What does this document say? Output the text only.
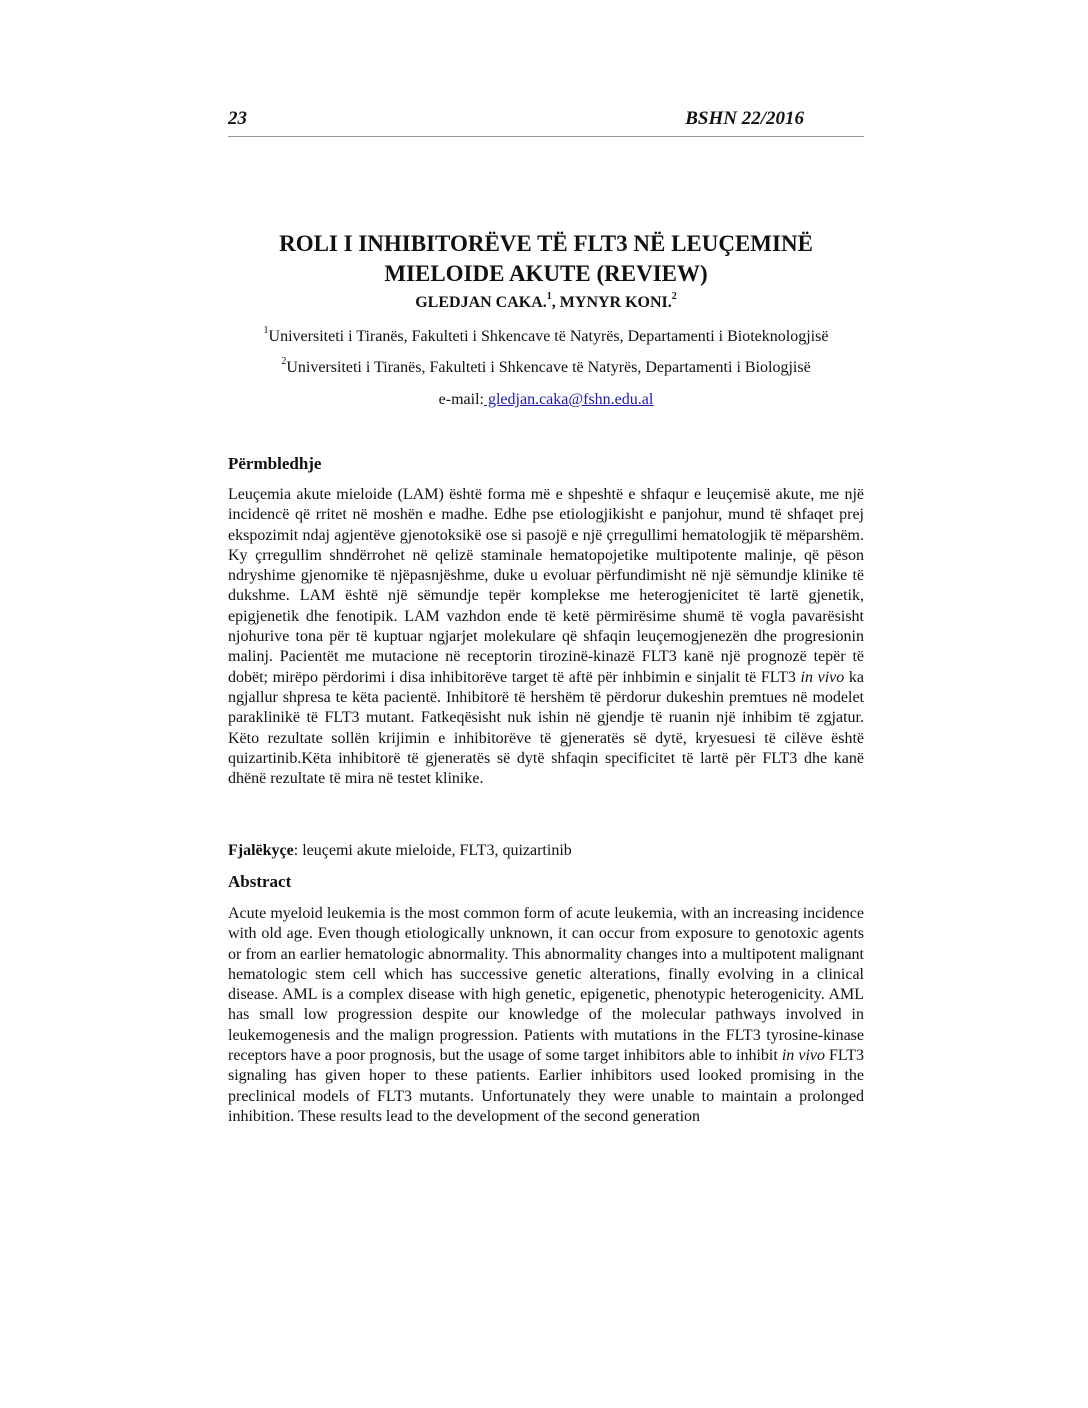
23	BSHN 22/2016
ROLI I INHIBITORËVE TË FLT3 NË LEUÇEMINË
MIELOIDE AKUTE (REVIEW)
GLEDJAN CAKA.$^1$, MYNYR KONI.$^2$
$^1$Universiteti i Tiranës, Fakulteti i Shkencave të Natyrës, Departamenti i Bioteknologjisë
$^2$Universiteti i Tiranës, Fakulteti i Shkencave të Natyrës, Departamenti i Biologjisë
e-mail: gledjan.caka@fshn.edu.al
Përmbledhje

Leuçemia akute mieloide (LAM) është forma më e shpeshtë e shfaqur e leuçemisë akute, me një incidencë që rritet në moshën e madhe. Edhe pse etiologjikisht e panjohur, mund të shfaqet prej ekspozimit ndaj agjentëve gjenotoksikë ose si pasojë e një çrregullimi hematologjik të mëparshëm. Ky çrregullim shndërrohet në qelizë staminale hematopojetike multipotente malinje, që pëson ndryshime gjenomike të njëpasnjëshme, duke u evoluar përfundimisht në një sëmundje klinike të dukshme. LAM është një sëmundje tepër komplekse me heterogjenicitet të lartë gjenetik, epigjenetik dhe fenotipik. LAM vazhdon ende të ketë përmirësime shumë të vogla pavarësisht njohurive tona për të kuptuar ngjarjet molekulare që shfaqin leuçemogjenezën dhe progresionin malinj. Pacientët me mutacione në receptorin tirozinë-kinazë FLT3 kanë një prognozë tepër të dobët; mirëpo përdorimi i disa inhibitorëve target të aftë për inhbimin e sinjalit të FLT3 in vivo ka ngjallur shpresa te këta pacientë. Inhibitorë të hershëm të përdorur dukeshin premtues në modelet paraklinikë të FLT3 mutant. Fatkeqësisht nuk ishin në gjendje të ruanin një inhibim të zgjatur. Këto rezultate sollën krijimin e inhibitorëve të gjeneratës së dytë, kryesuesi të cilëve është quizartinib.Këta inhibitorë të gjeneratës së dytë shfaqin specificitet të lartë për FLT3 dhe kanë dhënë rezultate të mira në testet klinike.

Fjalëkyçe: leuçemi akute mieloide, FLT3, quizartinib
Abstract

Acute myeloid leukemia is the most common form of acute leukemia, with an increasing incidence with old age. Even though etiologically unknown, it can occur from exposure to genotoxic agents or from an earlier hematologic abnormality. This abnormality changes into a multipotent malignant hematologic stem cell which has successive genetic alterations, finally evolving in a clinical disease. AML is a complex disease with high genetic, epigenetic, phenotypic heterogenicity. AML has small low progression despite our knowledge of the molecular pathways involved in leukemogenesis and the malign progression. Patients with mutations in the FLT3 tyrosine-kinase receptors have a poor prognosis, but the usage of some target inhibitors able to inhibit in vivo FLT3 signaling has given hoper to these patients. Earlier inhibitors used looked promising in the preclinical models of FLT3 mutants. Unfortunately they were unable to maintain a prolonged inhibition. These results lead to the development of the second generation
